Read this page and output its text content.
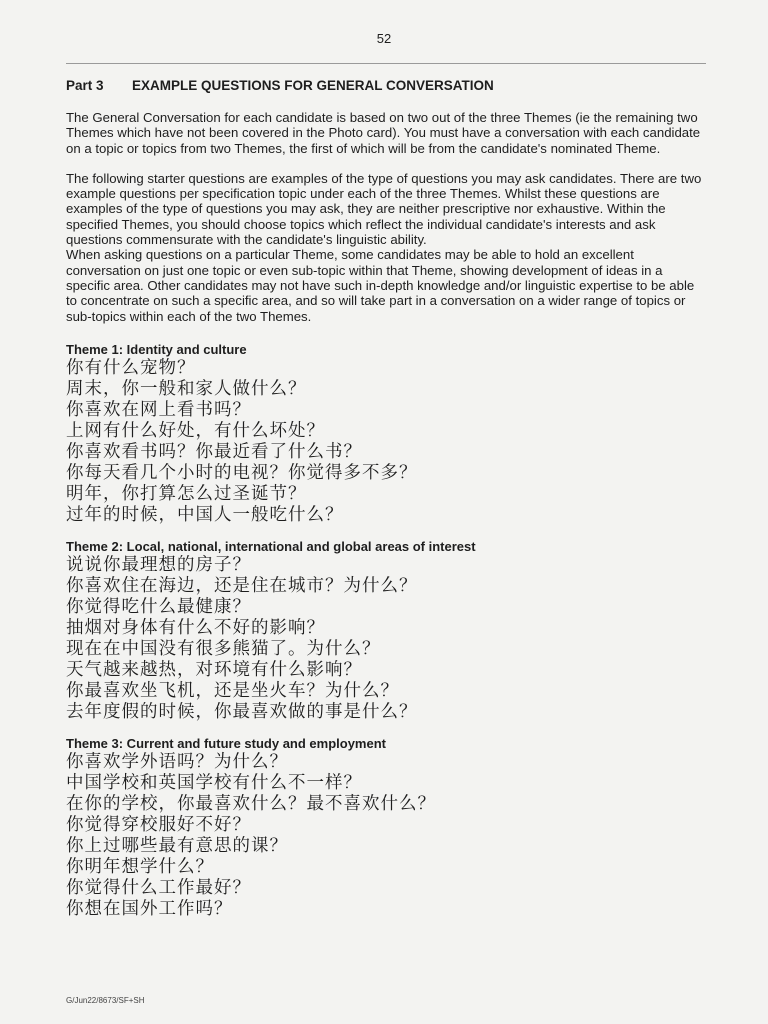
52
Part 3 EXAMPLE QUESTIONS FOR GENERAL CONVERSATION

The General Conversation for each candidate is based on two out of the three Themes (ie the remaining two Themes which have not been covered in the Photo card). You must have a conversation with each candidate on a topic or topics from two Themes, the first of which will be from the candidate's nominated Theme.

The following starter questions are examples of the type of questions you may ask candidates. There are two example questions per specification topic under each of the three Themes. Whilst these questions are examples of the type of questions you may ask, they are neither prescriptive nor exhaustive. Within the specified Themes, you should choose topics which reflect the individual candidate's interests and ask questions commensurate with the candidate's linguistic ability.

When asking questions on a particular Theme, some candidates may be able to hold an excellent conversation on just one topic or even sub-topic within that Theme, showing development of ideas in a specific area. Other candidates may not have such in-depth knowledge and/or linguistic expertise to be able to concentrate on such a specific area, and so will take part in a conversation on a wider range of topics or sub-topics within each of the two Themes.

Theme 1: Identity and culture
你有什么宠物？
周末，你一般和家人做什么？
你喜欢在网上看书吗？
上网有什么好处，有什么坏处？
你喜欢看书吗？你最近看了什么书？
你每天看几个小时的电视？你觉得多不多？
明年，你打算怎么过圣诞节？
过年的时候，中国人一般吃什么？
Theme 2: Local, national, international and global areas of interest
说说你最理想的房子？
你喜欢住在海边，还是住在城市？为什么？
你觉得吃什么最健康？
抽烟对身体有什么不好的影响？
现在在中国没有很多熊猫了。为什么？
天气越来越热，对环境有什么影响？
你最喜欢坐飞机，还是坐火车？为什么？
去年度假的时候，你最喜欢做的事是什么？
Theme 3: Current and future study and employment
你喜欢学外语吗？为什么？
中国学校和英国学校有什么不一样？
在你的学校，你最喜欢什么？最不喜欢什么？
你觉得穿校服好不好？
你上过哪些最有意思的课？
你明年想学什么？
你觉得什么工作最好？
你想在国外工作吗？
G/Jun22/8673/SF+SH
